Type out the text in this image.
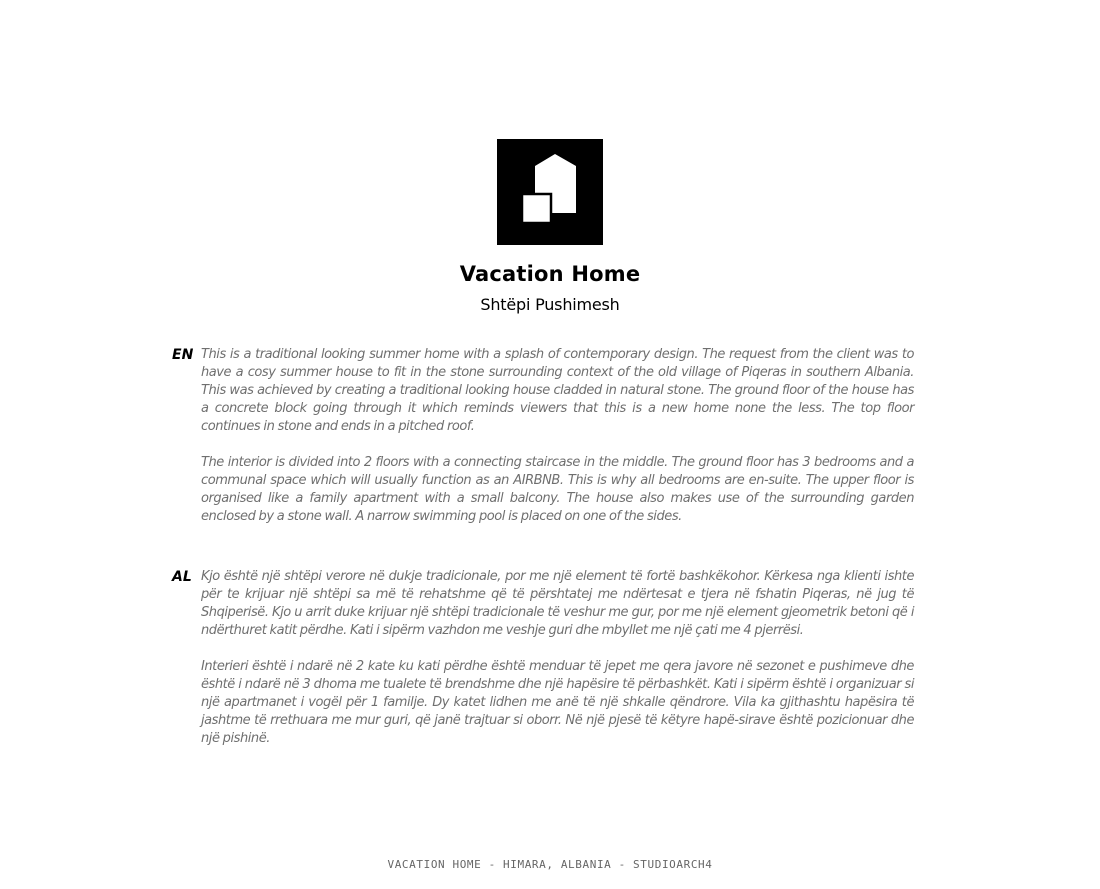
Vacation Home
Shtëpi Pushimesh
EN This is a traditional looking summer home with a splash of contemporary design. The request from the client was to have a cosy summer house to fit in the stone surrounding context of the old village of Piqeras in southern Albania. This was achieved by creating a traditional looking house cladded in natural stone. The ground floor of the house has a concrete block going through it which reminds viewers that this is a new home none the less. The top floor continues in stone and ends in a pitched roof.

The interior is divided into 2 floors with a connecting staircase in the middle. The ground floor has 3 bedrooms and a communal space which will usually function as an AIRBNB. This is why all bedrooms are en-suite. The upper floor is organised like a family apartment with a small balcony. The house also makes use of the surrounding garden enclosed by a stone wall. A narrow swimming pool is placed on one of the sides.

AL Kjo është një shtëpi verore në dukje tradicionale, por me një element të fortë bashkëkohor. Kërkesa nga klienti ishte për te krijuar një shtëpi sa më të rehatshme që të përshtatej me ndërtesat e tjera në fshatin Piqeras, në jug të Shqiperisë. Kjo u arrit duke krijuar një shtëpi tradicionale të veshur me gur, por me një element gjeometrik betoni që i ndërthuret katit përdhe. Kati i sipërm vazhdon me veshje guri dhe mbyllet me një çati me 4 pjerrësi.

Interieri është i ndarë në 2 kate ku kati përdhe është menduar të jepet me qera javore në sezonet e pushimeve dhe është i ndarë në 3 dhoma me tualete të brendshme dhe një hapësire të përbashkët. Kati i sipërm është i organizuar si një apartmanet i vogël për 1 familje. Dy katet lidhen me anë të një shkalle qëndrore. Vila ka gjithashtu hapësira të jashtme të rrethuara me mur guri, që janë trajtuar si oborr. Në një pjesë të këtyre hapë-sirave është pozicionuar dhe një pishinë.

VACATION HOME - HIMARA, ALBANIA - STUDIOARCH4
